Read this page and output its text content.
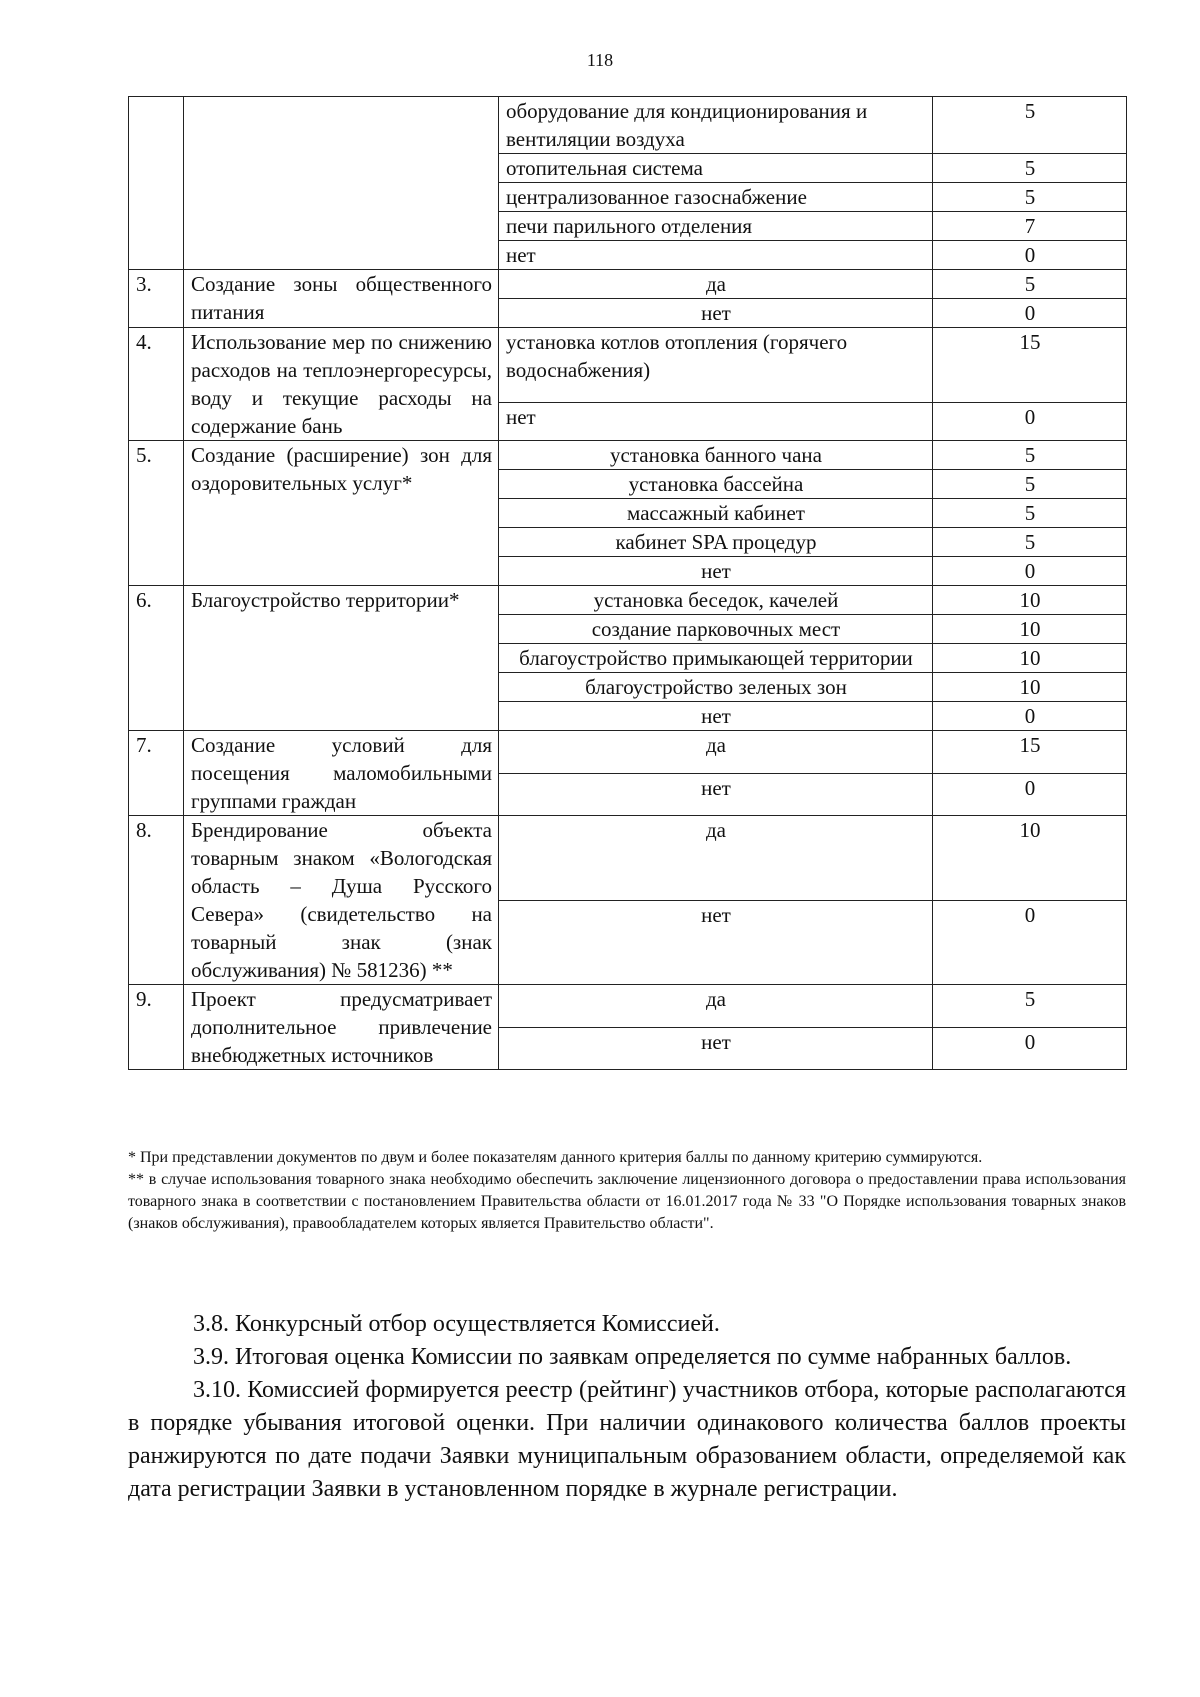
118
		оборудование для кондиционирования и вентиляции воздуха	5
		отопительная система	5
		централизованное газоснабжение	5
		печи парильного отделения	7
		нет	0
3.	Создание зоны общественного питания	да	5
		нет	0
4.	Использование мер по снижению расходов на теплоэнергоресурсы, воду и текущие расходы на содержание бань	установка котлов отопления (горячего водоснабжения)	15
		нет	0
5.	Создание (расширение) зон для оздоровительных услуг*	установка банного чана	5
		установка бассейна	5
		массажный кабинет	5
		кабинет SPA процедур	5
		нет	0
6.	Благоустройство территории*	установка беседок, качелей	10
		создание парковочных мест	10
		благоустройство примыкающей территории	10
		благоустройство зеленых зон	10
		нет	0
7.	Создание условий для посещения маломобильными группами граждан	да	15
		нет	0
8.	Брендирование объекта товарным знаком «Вологодская область – Душа Русского Севера» (свидетельство на товарный знак (знак обслуживания) № 581236) **	да	10
		нет	0
9.	Проект предусматривает дополнительное привлечение внебюджетных источников	да	5
		нет	0

* При представлении документов по двум и более показателям данного критерия баллы по данному критерию суммируются.

** в случае использования товарного знака необходимо обеспечить заключение лицензионного договора о предоставлении права использования товарного знака в соответствии с постановлением Правительства области от 16.01.2017 года № 33 "О Порядке использования товарных знаков (знаков обслуживания), правообладателем которых является Правительство области".

3.8. Конкурсный отбор осуществляется Комиссией.

3.9. Итоговая оценка Комиссии по заявкам определяется по сумме набранных баллов.

3.10. Комиссией формируется реестр (рейтинг) участников отбора, которые располагаются в порядке убывания итоговой оценки. При наличии одинакового количества баллов проекты ранжируются по дате подачи Заявки муниципальным образованием области, определяемой как дата регистрации Заявки в установленном порядке в журнале регистрации.
